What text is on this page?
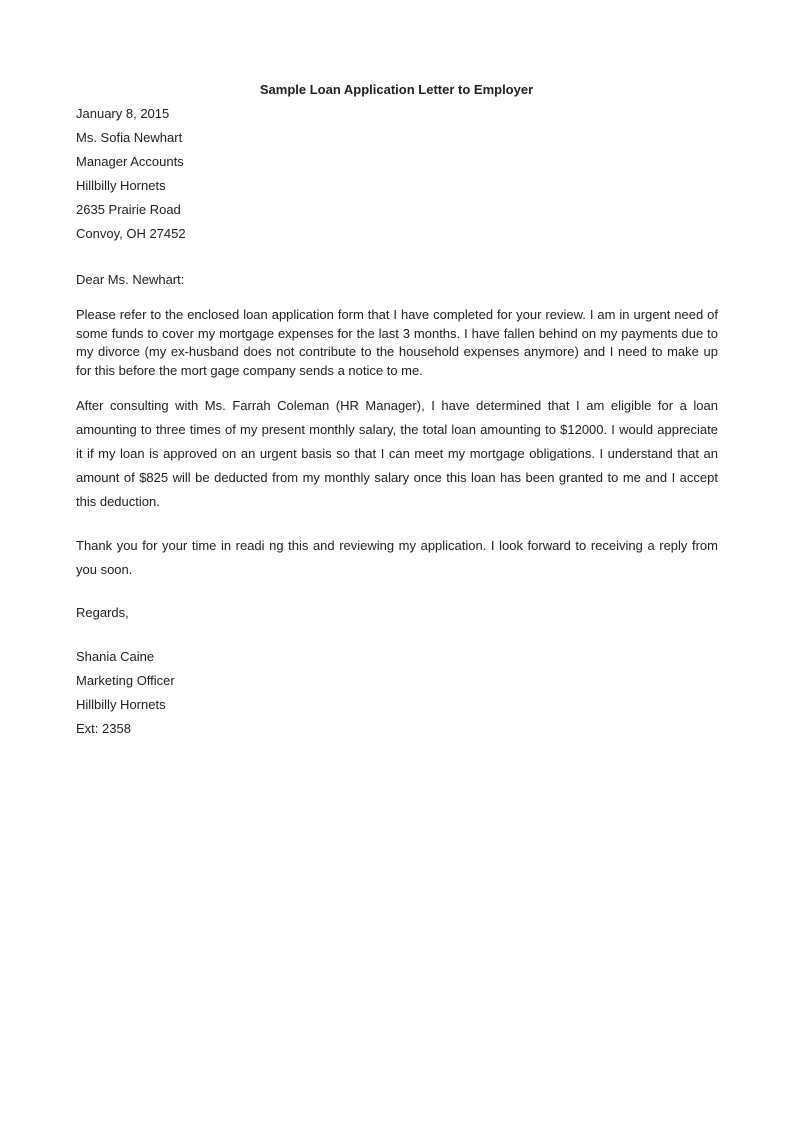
Sample Loan Application Letter to Employer
January 8, 2015
Ms. Sofia Newhart
Manager Accounts
Hillbilly Hornets
2635 Prairie Road
Convoy, OH 27452
Dear Ms. Newhart:
Please refer to the enclosed loan application form that I have completed for your review. I am in urgent need of some funds to cover my mortgage expenses for the last 3 months. I have fallen behind on my payments due to my divorce (my ex-husband does not contribute to the household expenses anymore) and I need to make up for this before the mort gage company sends a notice to me.
After consulting with Ms. Farrah Coleman (HR Manager), I have determined that I am eligible for a loan amounting to three times of my present monthly salary, the total loan amounting to $12000. I would appreciate it if my loan is approved on an urgent basis so that I can meet my mortgage obligations. I understand that an amount of $825 will be deducted from my monthly salary once this loan has been granted to me and I accept this deduction.
Thank you for your time in readi ng this and reviewing my application. I look forward to receiving a reply from you soon.
Regards,
Shania Caine
Marketing Officer
Hillbilly Hornets
Ext: 2358
